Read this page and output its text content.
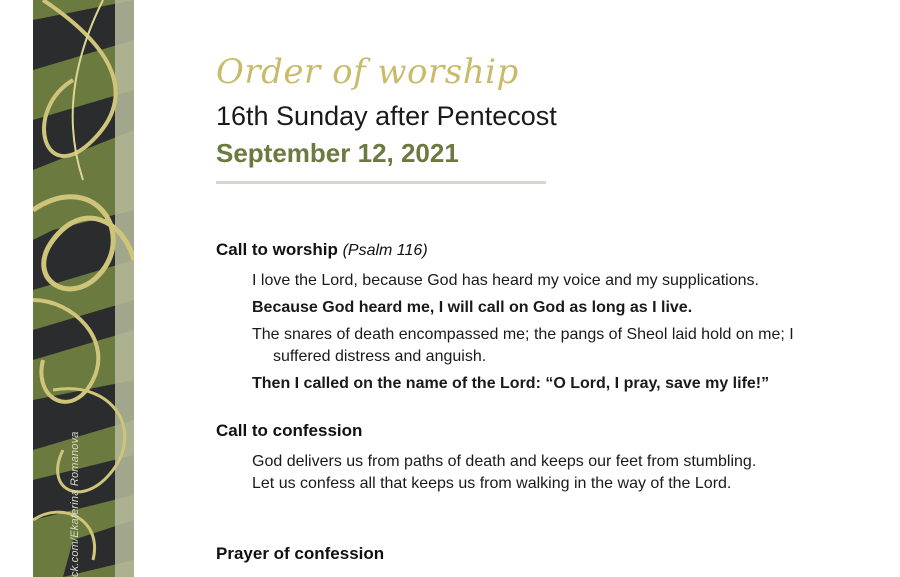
ck.com/Ekaterina Romanova
Order of worship
16th Sunday after Pentecost
September 12, 2021
Call to worship (Psalm 116)
I love the Lord, because God has heard my voice and my supplications.
Because God heard me, I will call on God as long as I live.
The snares of death encompassed me; the pangs of Sheol laid hold on me; I suffered distress and anguish.
Then I called on the name of the Lord: “O Lord, I pray, save my life!”
Call to confession
God delivers us from paths of death and keeps our feet from stumbling. Let us confess all that keeps us from walking in the way of the Lord.
Prayer of confession
